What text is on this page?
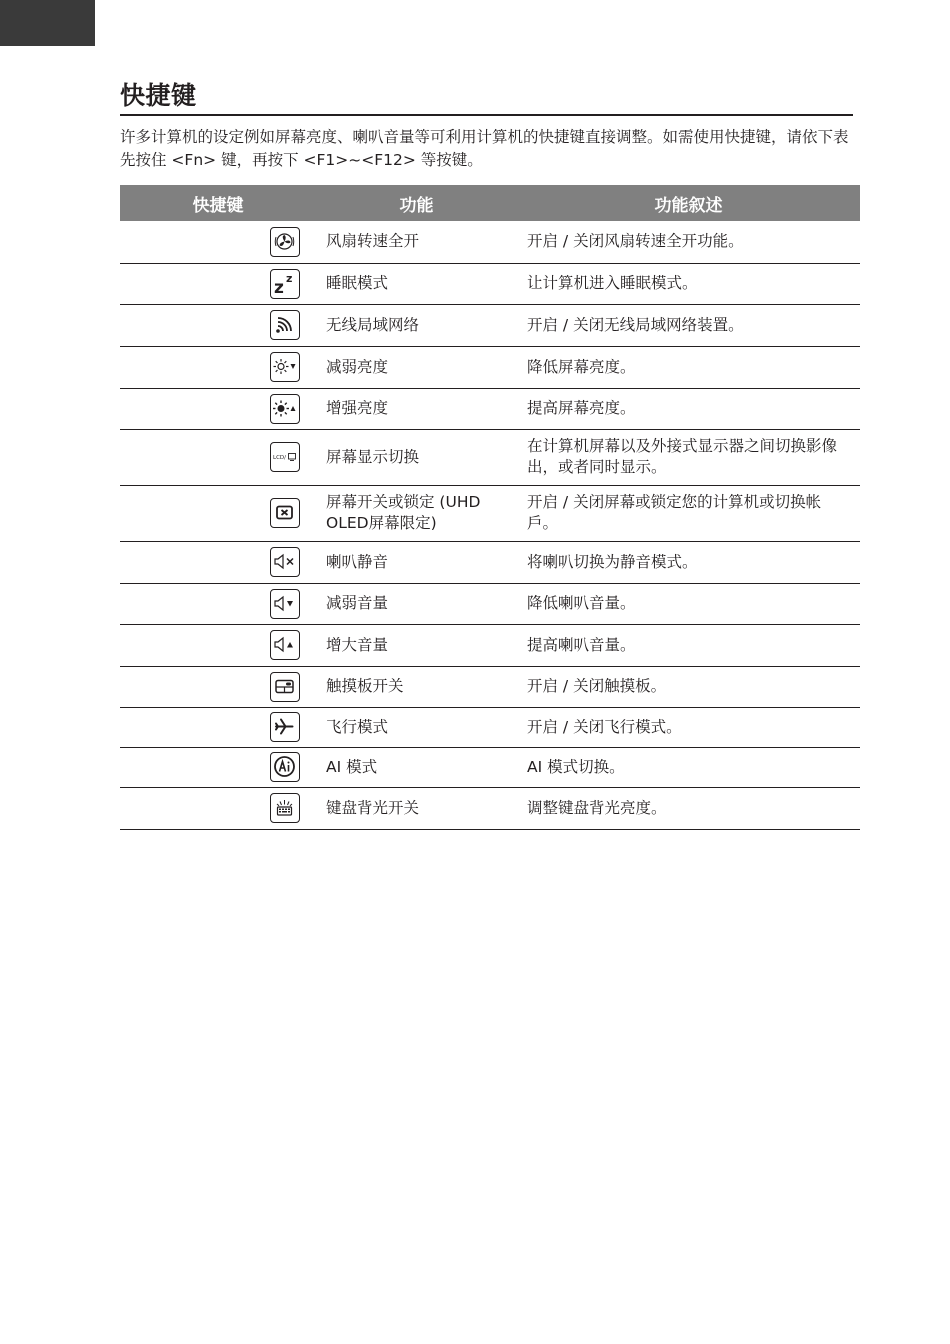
快捷键
许多计算机的设定例如屏幕亮度、喇叭音量等可利用计算机的快捷键直接调整。如需使用快捷键，请依下表先按住 <Fn> 键，再按下 <F1>~<F12> 等按键。
快捷键	功能	功能叙述

	风扇转速全开	开启 / 关闭风扇转速全开功能。

z z	睡眠模式	让计算机进入睡眠模式。

	无线局域网络	开启 / 关闭无线局域网络装置。

	减弱亮度	降低屏幕亮度。

	增强亮度	提高屏幕亮度。

LCD/	屏幕显示切换	在计算机屏幕以及外接式显示器之间切换影像出，或者同时显示。

	屏幕开关或锁定 (UHD OLED屏幕限定)	开启 / 关闭屏幕或锁定您的计算机或切换帐戶。

	喇叭静音	将喇叭切换为静音模式。

	减弱音量	降低喇叭音量。

	增大音量	提高喇叭音量。

	触摸板开关	开启 / 关闭触摸板。

	飞行模式	开启 / 关闭飞行模式。

	AI 模式	AI 模式切换。

	键盘背光开关	调整键盘背光亮度。
